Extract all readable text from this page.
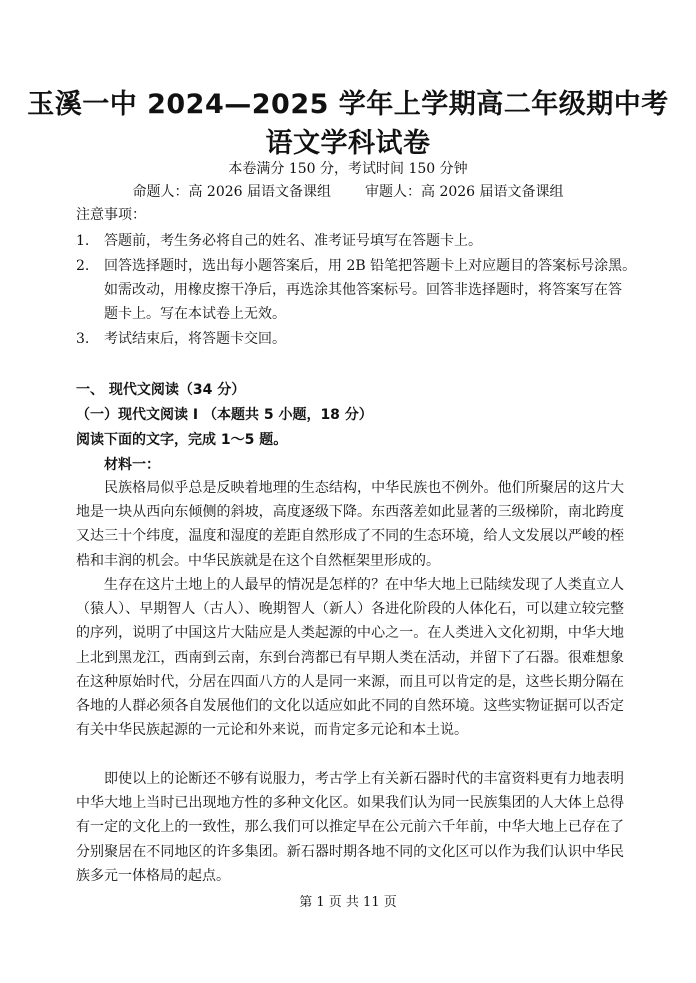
玉溪一中 2024—2025 学年上学期高二年级期中考
语文学科试卷
本卷满分 150 分，考试时间 150 分钟
命题人：高 2026 届语文备课组 审题人：高 2026 届语文备课组
注意事项：
1. 答题前，考生务必将自己的姓名、准考证号填写在答题卡上。
2. 回答选择题时，选出每小题答案后，用 2B 铅笔把答题卡上对应题目的答案标号涂黑。
如需改动，用橡皮擦干净后，再选涂其他答案标号。回答非选择题时，将答案写在答
题卡上。写在本试卷上无效。
3. 考试结束后，将答题卡交回。
一、 现代文阅读（34 分）
（一）现代文阅读 I （本题共 5 小题，18 分）
阅读下面的文字，完成 1～5 题。
材料一：
民族格局似乎总是反映着地理的生态结构，中华民族也不例外。他们所聚居的这片大地是一块从西向东倾侧的斜坡，高度逐级下降。东西落差如此显著的三级梯阶，南北跨度又达三十个纬度，温度和湿度的差距自然形成了不同的生态环境，给人文发展以严峻的桎梏和丰润的机会。中华民族就是在这个自然框架里形成的。
生存在这片土地上的人最早的情况是怎样的？在中华大地上已陆续发现了人类直立人（猿人）、早期智人（古人）、晚期智人（新人）各进化阶段的人体化石，可以建立较完整的序列，说明了中国这片大陆应是人类起源的中心之一。在人类进入文化初期，中华大地上北到黑龙江，西南到云南，东到台湾都已有早期人类在活动，并留下了石器。很难想象在这种原始时代，分居在四面八方的人是同一来源，而且可以肯定的是，这些长期分隔在各地的人群必须各自发展他们的文化以适应如此不同的自然环境。这些实物证据可以否定有关中华民族起源的一元论和外来说，而肯定多元论和本土说。
即使以上的论断还不够有说服力，考古学上有关新石器时代的丰富资料更有力地表明中华大地上当时已出现地方性的多种文化区。如果我们认为同一民族集团的人大体上总得有一定的文化上的一致性，那么我们可以推定早在公元前六千年前，中华大地上已存在了分别聚居在不同地区的许多集团。新石器时期各地不同的文化区可以作为我们认识中华民族多元一体格局的起点。
第 1 页 共 11 页
